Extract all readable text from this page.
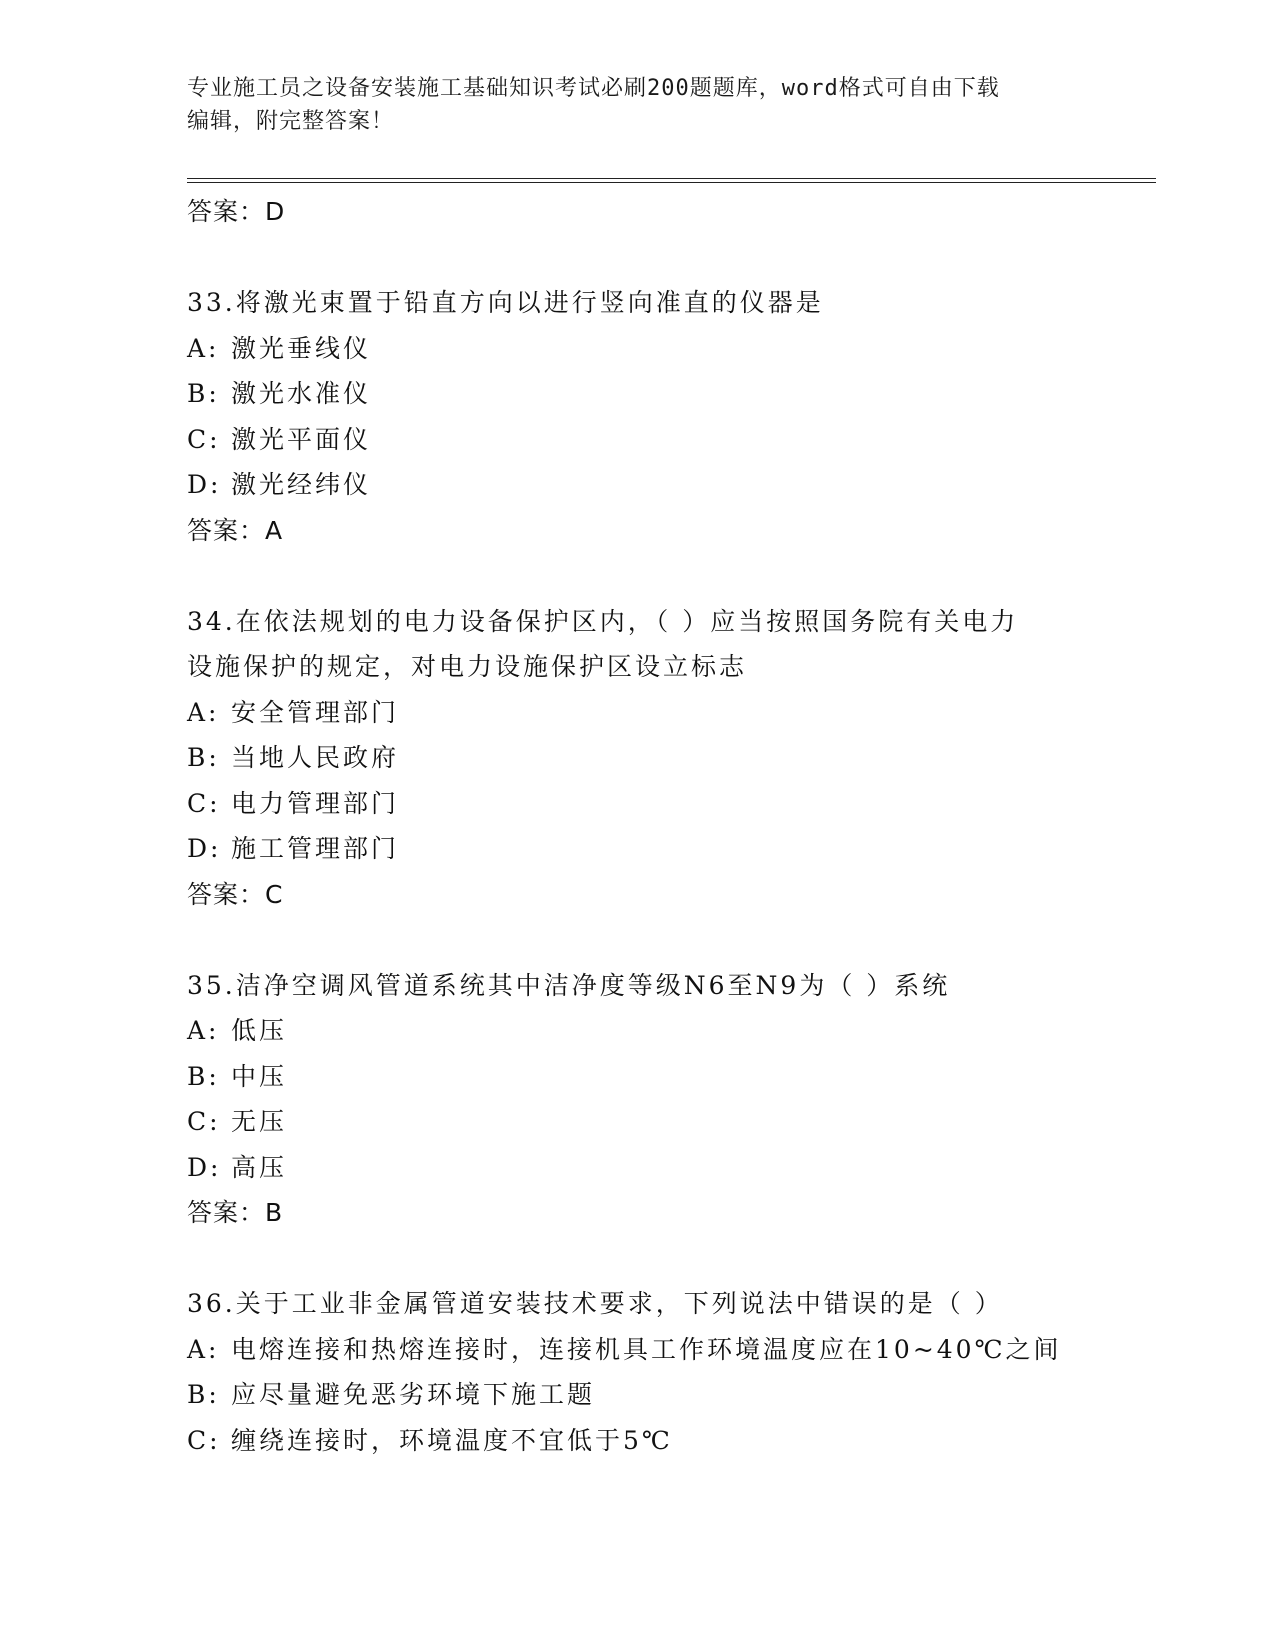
专业施工员之设备安装施工基础知识考试必刷200题题库，word格式可自由下载
编辑，附完整答案！
答案：D
33.将激光束置于铅直方向以进行竖向准直的仪器是
A: 激光垂线仪
B: 激光水准仪
C: 激光平面仪
D: 激光经纬仪
答案：A
34.在依法规划的电力设备保护区内，（ ）应当按照国务院有关电力
设施保护的规定，对电力设施保护区设立标志
A: 安全管理部门
B: 当地人民政府
C: 电力管理部门
D: 施工管理部门
答案：C
35.洁净空调风管道系统其中洁净度等级N6至N9为（ ）系统
A: 低压
B: 中压
C: 无压
D: 高压
答案：B
36.关于工业非金属管道安装技术要求，下列说法中错误的是（ ）
A: 电熔连接和热熔连接时，连接机具工作环境温度应在10~40℃之间
B: 应尽量避免恶劣环境下施工题
C: 缠绕连接时，环境温度不宜低于5℃
